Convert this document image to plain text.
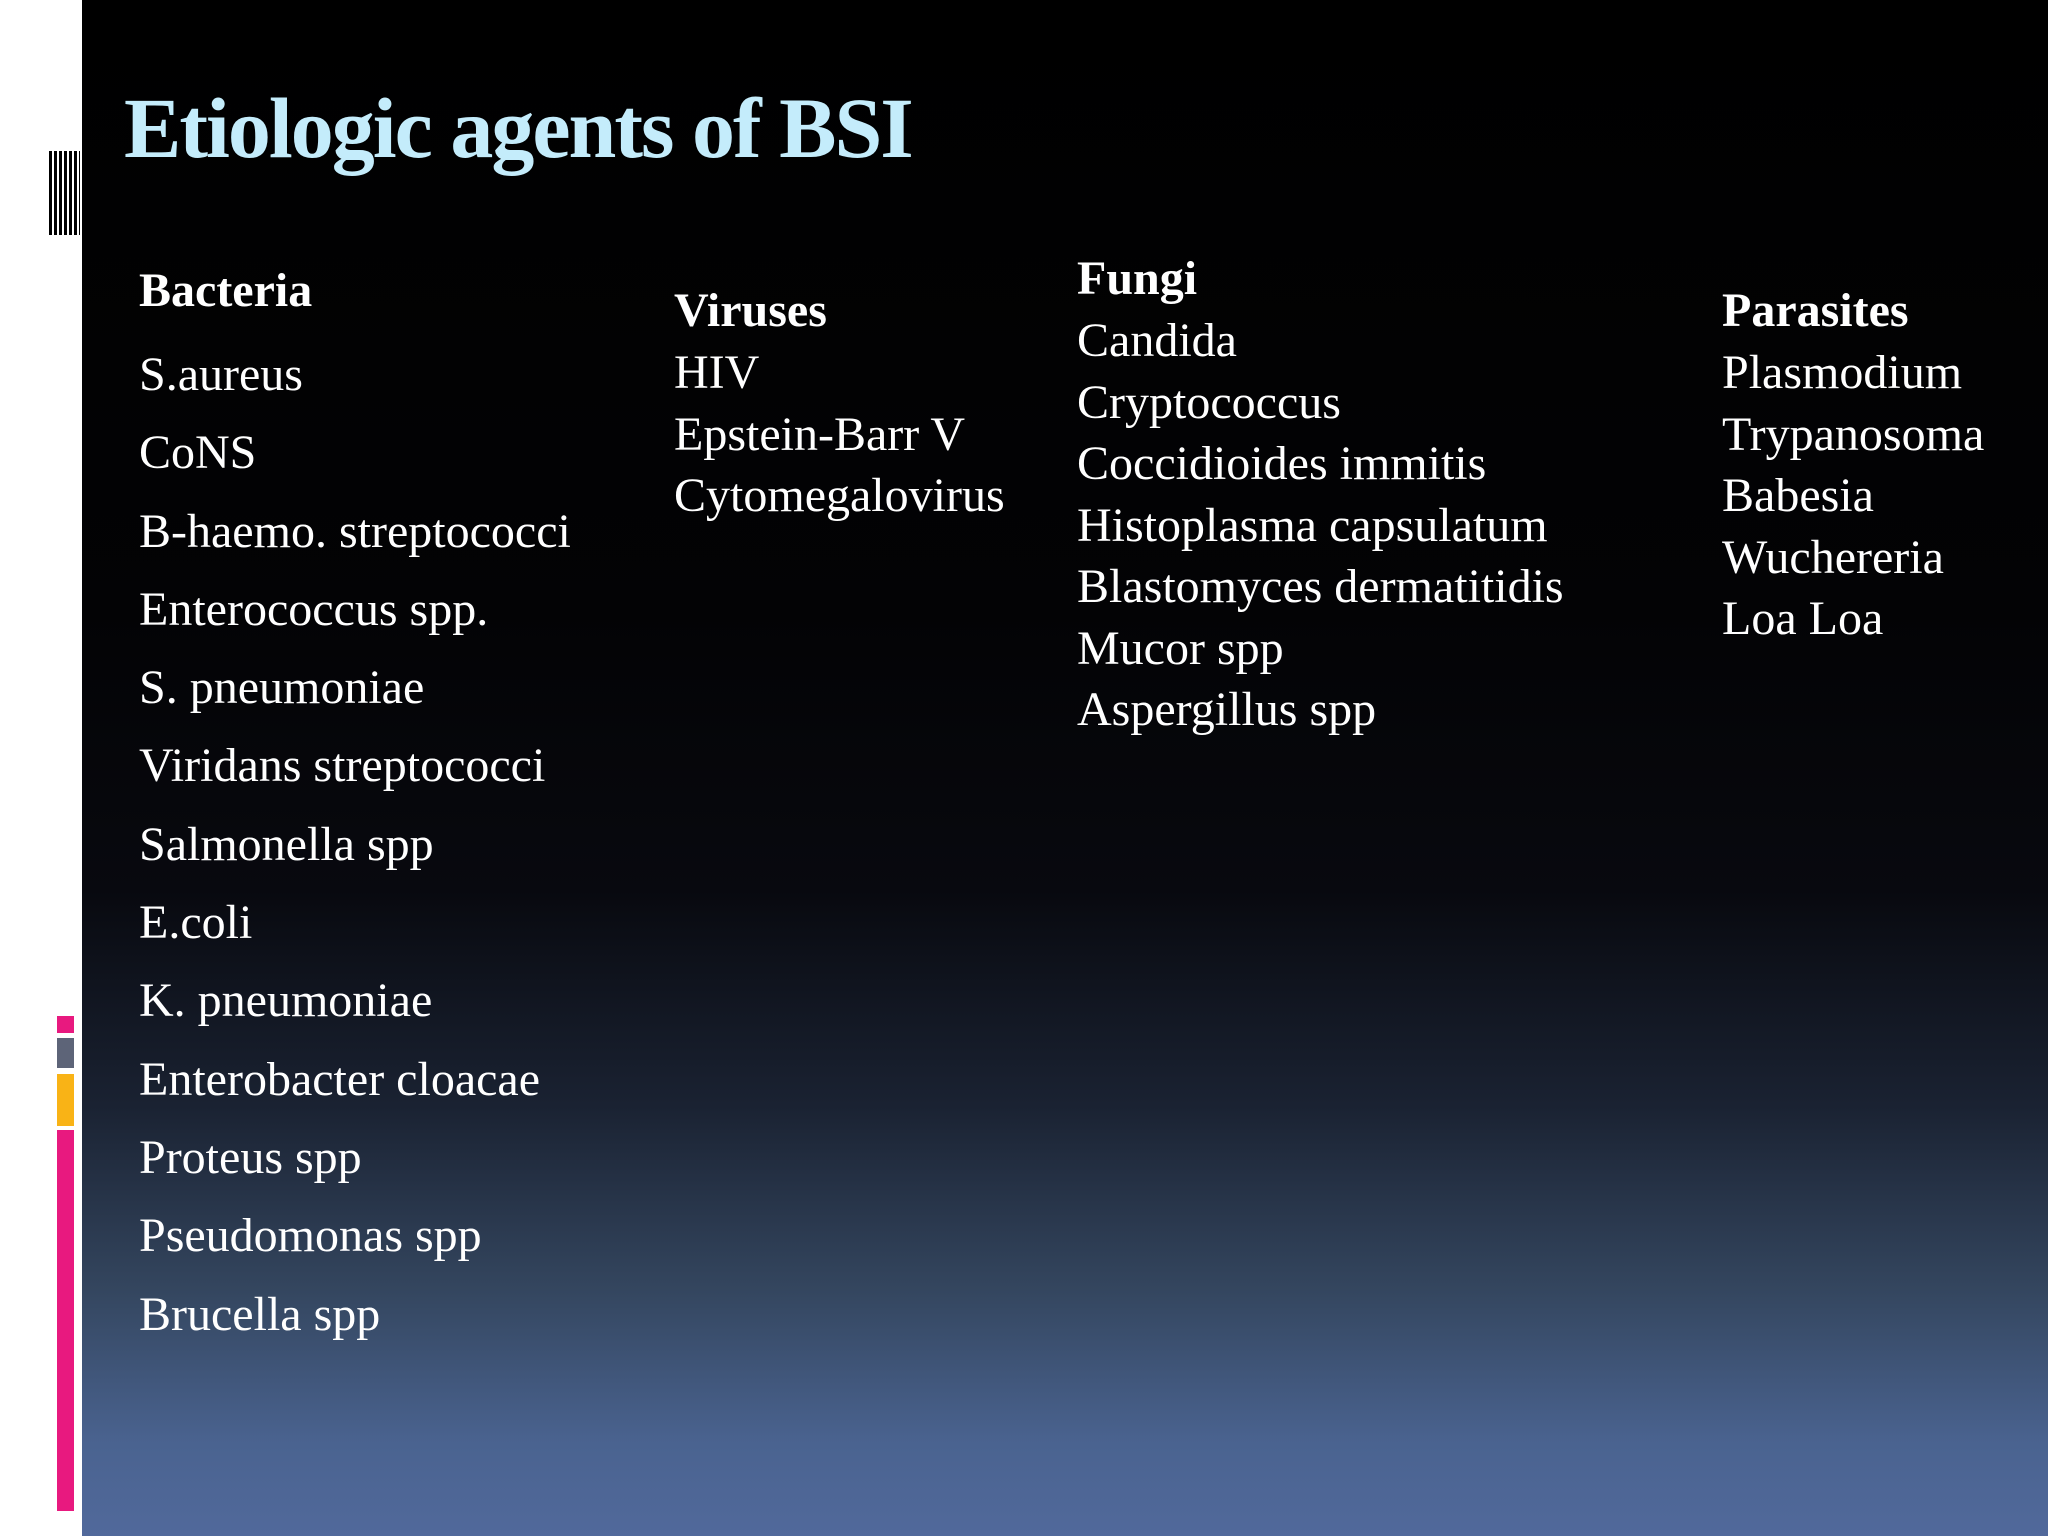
Etiologic agents of BSI
Bacteria
S.aureus
CoNS
B-haemo. streptococci
Enterococcus spp.
S. pneumoniae
Viridans streptococci
Salmonella spp
E.coli
K. pneumoniae
Enterobacter cloacae
Proteus spp
Pseudomonas spp
Brucella spp
Viruses
HIV
Epstein-Barr V
Cytomegalovirus
Fungi
Candida
Cryptococcus
Coccidioides immitis
Histoplasma capsulatum
Blastomyces dermatitidis
Mucor spp
Aspergillus spp
Parasites
Plasmodium
Trypanosoma
Babesia
Wuchereria
Loa Loa
